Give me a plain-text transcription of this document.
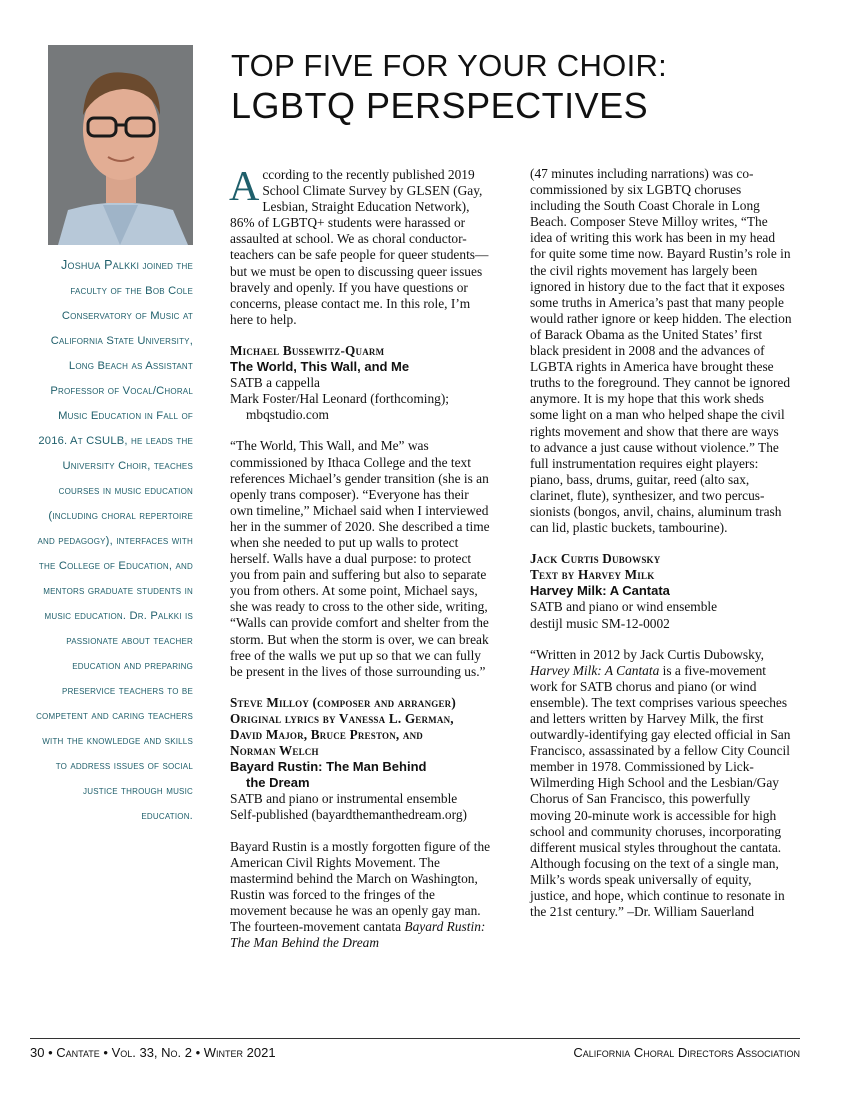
Joshua Palkki joined the faculty of the Bob Cole Conservatory of Music at California State University, Long Beach as Assistant Professor of Vocal/Choral Music Education in Fall of 2016. At CSULB, he leads the University Choir, teaches courses in music education (including choral repertoire and pedagogy), interfaces with the College of Education, and mentors graduate students in music education. Dr. Palkki is passionate about teacher education and preparing preservice teachers to be competent and caring teachers with the knowledge and skills to address issues of social justice through music education.
TOP FIVE FOR YOUR CHOIR:
LGBTQ PERSPECTIVES

According to the recently published 2019 School Climate Survey by GLSEN (Gay, Lesbian, Straight Education Network), 86% of LGBTQ+ students were harassed or assaulted at school. We as choral conductor-teachers can be safe people for queer students—but we must be open to discussing queer issues bravely and openly. If you have questions or concerns, please contact me. In this role, I’m here to help.

Michael Bussewitz-Quarm
The World, This Wall, and Me
SATB a cappella
Mark Foster/Hal Leonard (forthcoming);
mbqstudio.com

“The World, This Wall, and Me” was commissioned by Ithaca College and the text references Michael’s gender transition (she is an openly trans composer). “Everyone has their own timeline,” Michael said when I interviewed her in the summer of 2020. She described a time when she needed to put up walls to protect herself. Walls have a dual purpose: to protect you from pain and suffering but also to separate you from others. At some point, Michael says, she was ready to cross to the other side, writing, “Walls can provide comfort and shelter from the storm. But when the storm is over, we can break free of the walls we put up so that we can fully be present in the lives of those surrounding us.”

Steve Milloy (composer and arranger)
Original lyrics by Vanessa L. German,
David Major, Bruce Preston, and
Norman Welch
Bayard Rustin: The Man Behind
the Dream
SATB and piano or instrumental ensemble
Self-published (bayardthemanthedream.org)

Bayard Rustin is a mostly forgotten figure of the American Civil Rights Movement. The mastermind behind the March on Washington, Rustin was forced to the fringes of the movement because he was an openly gay man. The fourteen-movement cantata Bayard Rustin: The Man Behind the Dream

(47 minutes including narrations) was co-commissioned by six LGBTQ choruses including the South Coast Chorale in Long Beach. Composer Steve Milloy writes, “The idea of writing this work has been in my head for quite some time now. Bayard Rustin’s role in the civil rights movement has largely been ignored in history due to the fact that it exposes some truths in America’s past that many people would rather ignore or keep hidden. The election of Barack Obama as the United States’ first black president in 2008 and the advances of LGBTA rights in America have brought these truths to the foreground. They cannot be ignored anymore. It is my hope that this work sheds some light on a man who helped shape the civil rights movement and show that there are ways to advance a just cause without violence.” The full instrumentation requires eight players: piano, bass, drums, guitar, reed (alto sax, clarinet, flute), synthesizer, and two percus-sionists (bongos, anvil, chains, aluminum trash can lid, plastic buckets, tambourine).

Jack Curtis Dubowsky
Text by Harvey Milk
Harvey Milk: A Cantata
SATB and piano or wind ensemble
destijl music SM-12-0002

“Written in 2012 by Jack Curtis Dubowsky, Harvey Milk: A Cantata is a five-movement work for SATB chorus and piano (or wind ensemble). The text comprises various speeches and letters written by Harvey Milk, the first outwardly-identifying gay elected official in San Francisco, assassinated by a fellow City Council member in 1978. Commissioned by Lick-Wilmerding High School and the Lesbian/Gay Chorus of San Francisco, this powerfully moving 20-minute work is accessible for high school and community choruses, incorporating different musical styles throughout the cantata. Although focusing on the text of a single man, Milk’s words speak universally of equity, justice, and hope, which continue to resonate in the 21st century.” –Dr. William Sauerland

30 • Cantate • Vol. 33, No. 2 • Winter 2021	California Choral Directors Association
